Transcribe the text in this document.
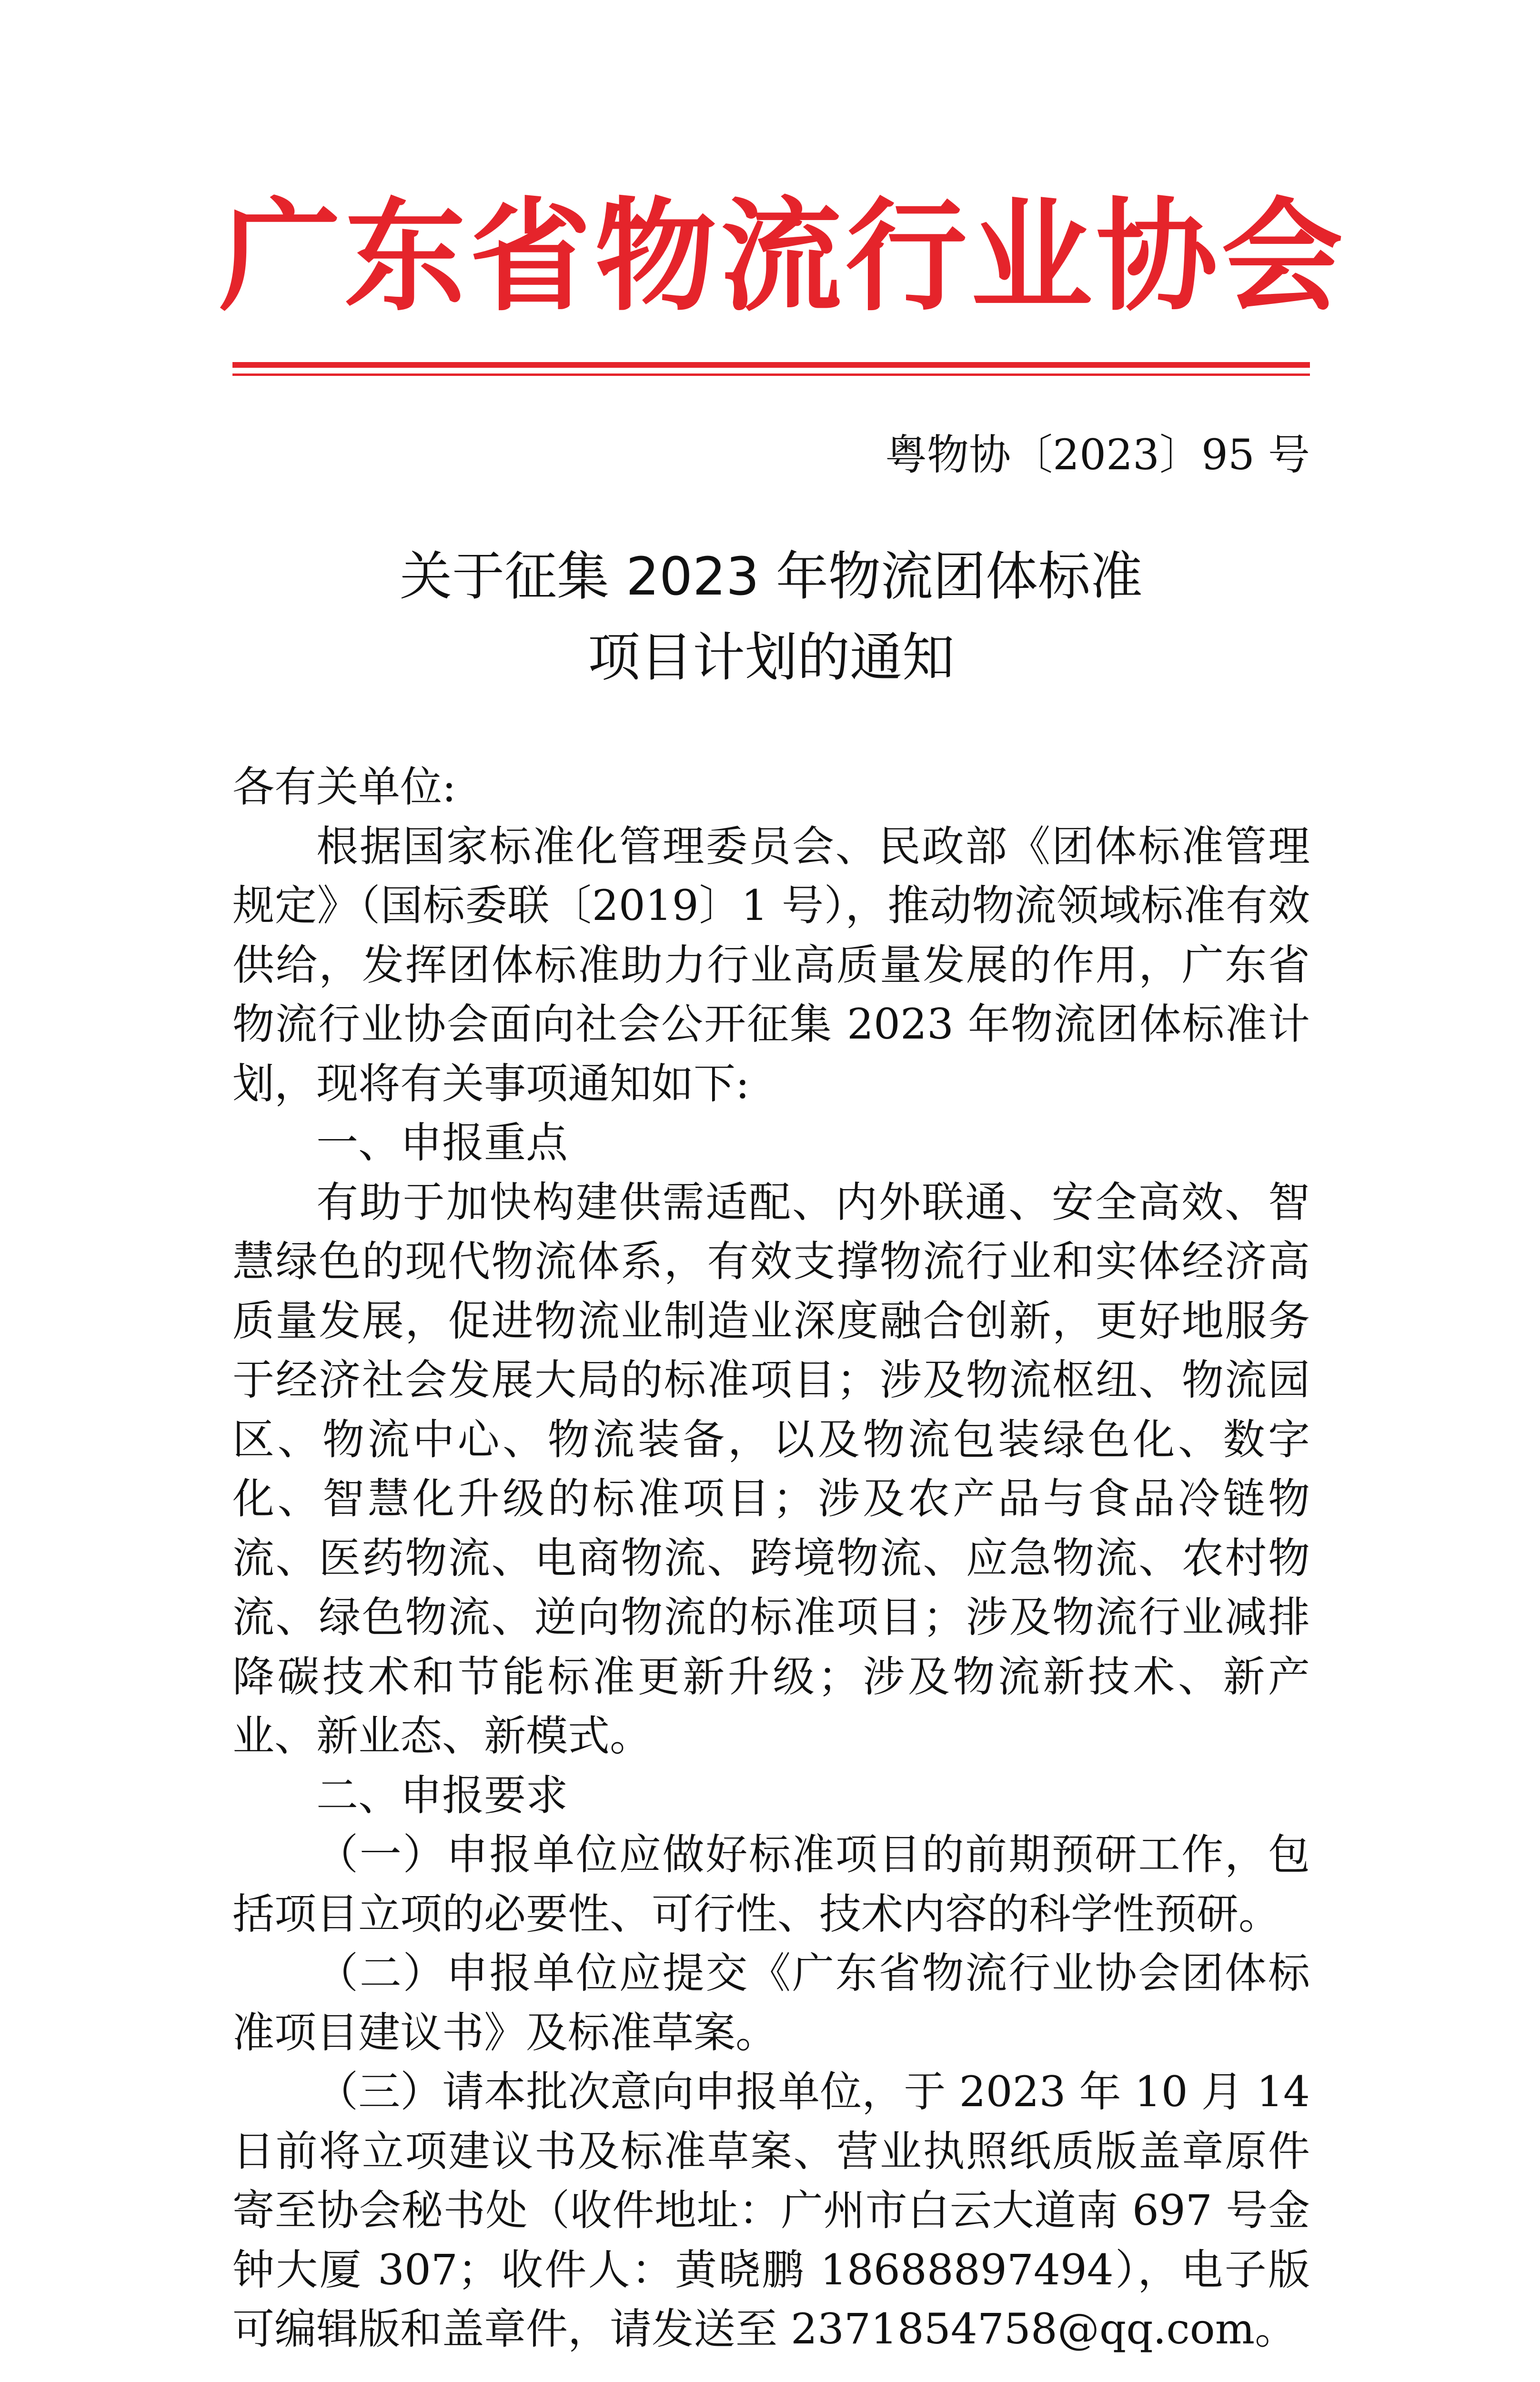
广东省物流行业协会
粤物协〔2023〕95 号
关于征集 2023 年物流团体标准
项目计划的通知

各有关单位:

根据国家标准化管理委员会、民政部《团体标准管理规定》（国标委联〔2019〕1 号），推动物流领域标准有效供给，发挥团体标准助力行业高质量发展的作用，广东省物流行业协会面向社会公开征集 2023 年物流团体标准计划，现将有关事项通知如下:

一、申报重点

有助于加快构建供需适配、内外联通、安全高效、智慧绿色的现代物流体系，有效支撑物流行业和实体经济高质量发展，促进物流业制造业深度融合创新，更好地服务于经济社会发展大局的标准项目；涉及物流枢纽、物流园区、物流中心、物流装备，以及物流包装绿色化、数字化、智慧化升级的标准项目；涉及农产品与食品冷链物流、医药物流、电商物流、跨境物流、应急物流、农村物流、绿色物流、逆向物流的标准项目；涉及物流行业减排降碳技术和节能标准更新升级；涉及物流新技术、新产业、新业态、新模式。

二、申报要求

（一）申报单位应做好标准项目的前期预研工作，包括项目立项的必要性、可行性、技术内容的科学性预研。

（二）申报单位应提交《广东省物流行业协会团体标准项目建议书》及标准草案。

（三）请本批次意向申报单位，于 2023 年 10 月 14 日前将立项建议书及标准草案、营业执照纸质版盖章原件寄至协会秘书处（收件地址：广州市白云大道南 697 号金钟大厦 307；收件人：黄晓鹏 18688897494），电子版可编辑版和盖章件，请发送至 2371854758@qq.com。
